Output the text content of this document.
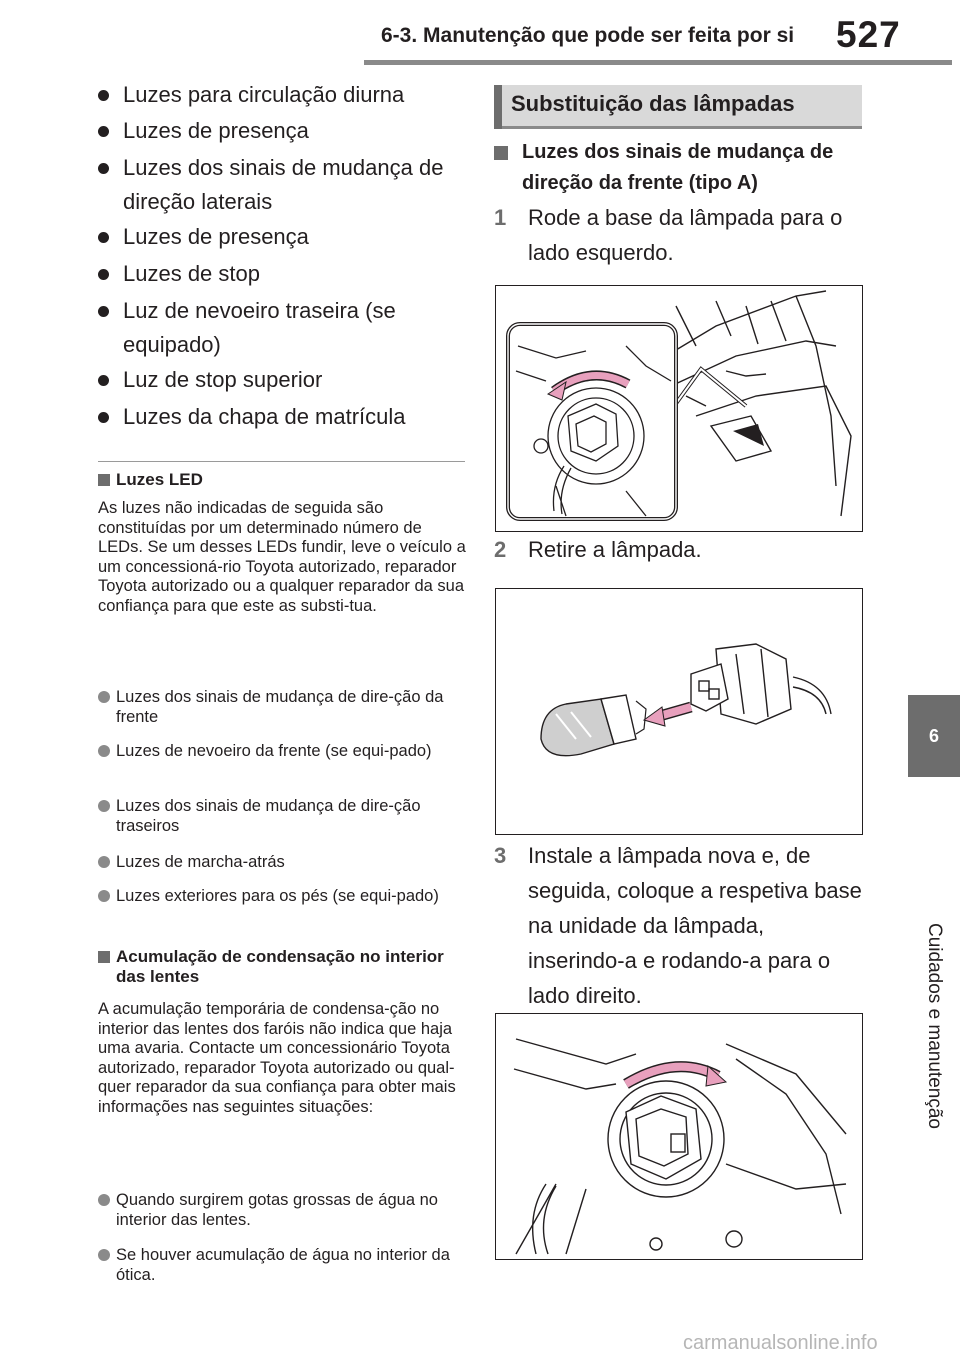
6-3. Manutenção que pode ser feita por si 527
6
Cuidados e manutenção
Luzes para circulação diurna
Luzes de presença
Luzes dos sinais de mudança de direção laterais
Luzes de presença
Luzes de stop
Luz de nevoeiro traseira (se equipado)
Luz de stop superior
Luzes da chapa de matrícula
Luzes LED
As luzes não indicadas de seguida são constituídas por um determinado número de LEDs. Se um desses LEDs fundir, leve o veículo a um concessioná-rio Toyota autorizado, reparador Toyota autorizado ou a qualquer reparador da sua confiança para que este as substi-tua.
Luzes dos sinais de mudança de dire-ção da frente
Luzes de nevoeiro da frente (se equi-pado)
Luzes dos sinais de mudança de dire-ção traseiros
Luzes de marcha-atrás
Luzes exteriores para os pés (se equi-pado)
Acumulação de condensação no interior das lentes
A acumulação temporária de condensa-ção no interior das lentes dos faróis não indica que haja uma avaria. Contacte um concessionário Toyota autorizado, reparador Toyota autorizado ou qual-quer reparador da sua confiança para obter mais informações nas seguintes situações:
Quando surgirem gotas grossas de água no interior das lentes.
Se houver acumulação de água no interior da ótica.
Substituição das lâmpadas
Luzes dos sinais de mudança de direção da frente (tipo A)
1 Rode a base da lâmpada para o lado esquerdo.
2 Retire a lâmpada.
3 Instale a lâmpada nova e, de seguida, coloque a respetiva base na unidade da lâmpada, inserindo-a e rodando-a para o lado direito.
carmanualsonline.info
